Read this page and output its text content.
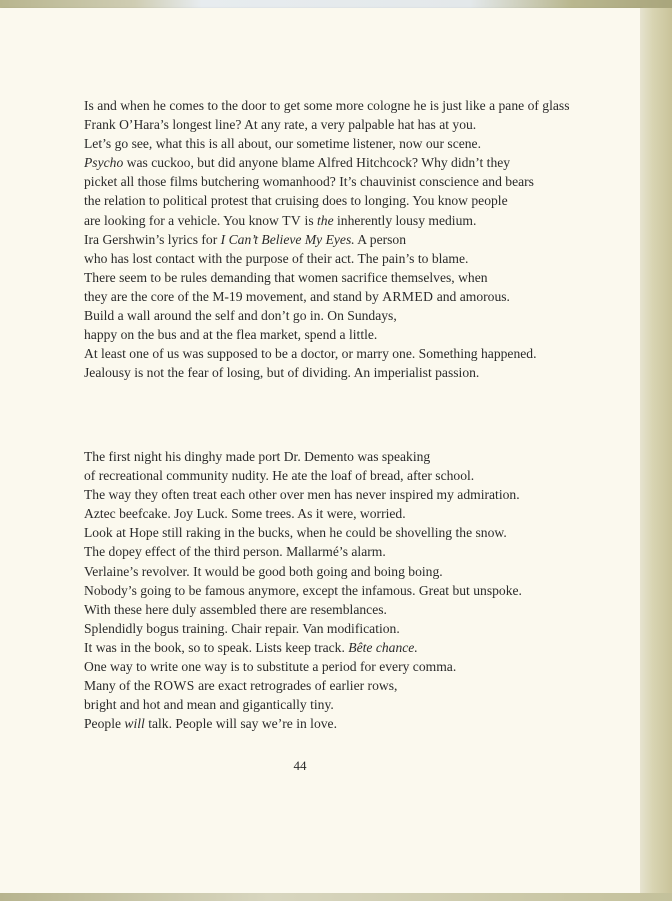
Is and when he comes to the door to get some more cologne he is just like a pane of glass
Frank O’Hara’s longest line? At any rate, a very palpable hat has at you.
Let’s go see, what this is all about, our sometime listener, now our scene.
Psycho was cuckoo, but did anyone blame Alfred Hitchcock? Why didn’t they
picket all those films butchering womanhood? It’s chauvinist conscience and bears
the relation to political protest that cruising does to longing. You know people
are looking for a vehicle. You know TV is the inherently lousy medium.
Ira Gershwin’s lyrics for I Can’t Believe My Eyes. A person
who has lost contact with the purpose of their act. The pain’s to blame.
There seem to be rules demanding that women sacrifice themselves, when
they are the core of the M-19 movement, and stand by ARMED and amorous.
Build a wall around the self and don’t go in. On Sundays,
happy on the bus and at the flea market, spend a little.
At least one of us was supposed to be a doctor, or marry one. Something happened.
Jealousy is not the fear of losing, but of dividing. An imperialist passion.
The first night his dinghy made port Dr. Demento was speaking
of recreational community nudity. He ate the loaf of bread, after school.
The way they often treat each other over men has never inspired my admiration.
Aztec beefcake. Joy Luck. Some trees. As it were, worried.
Look at Hope still raking in the bucks, when he could be shovelling the snow.
The dopey effect of the third person. Mallarmé’s alarm.
Verlaine’s revolver. It would be good both going and boing boing.
Nobody’s going to be famous anymore, except the infamous. Great but unspoke.
With these here duly assembled there are resemblances.
Splendidly bogus training. Chair repair. Van modification.
It was in the book, so to speak. Lists keep track. Bête chance.
One way to write one way is to substitute a period for every comma.
Many of the ROWS are exact retrogrades of earlier rows,
bright and hot and mean and gigantically tiny.
People will talk. People will say we’re in love.
44
